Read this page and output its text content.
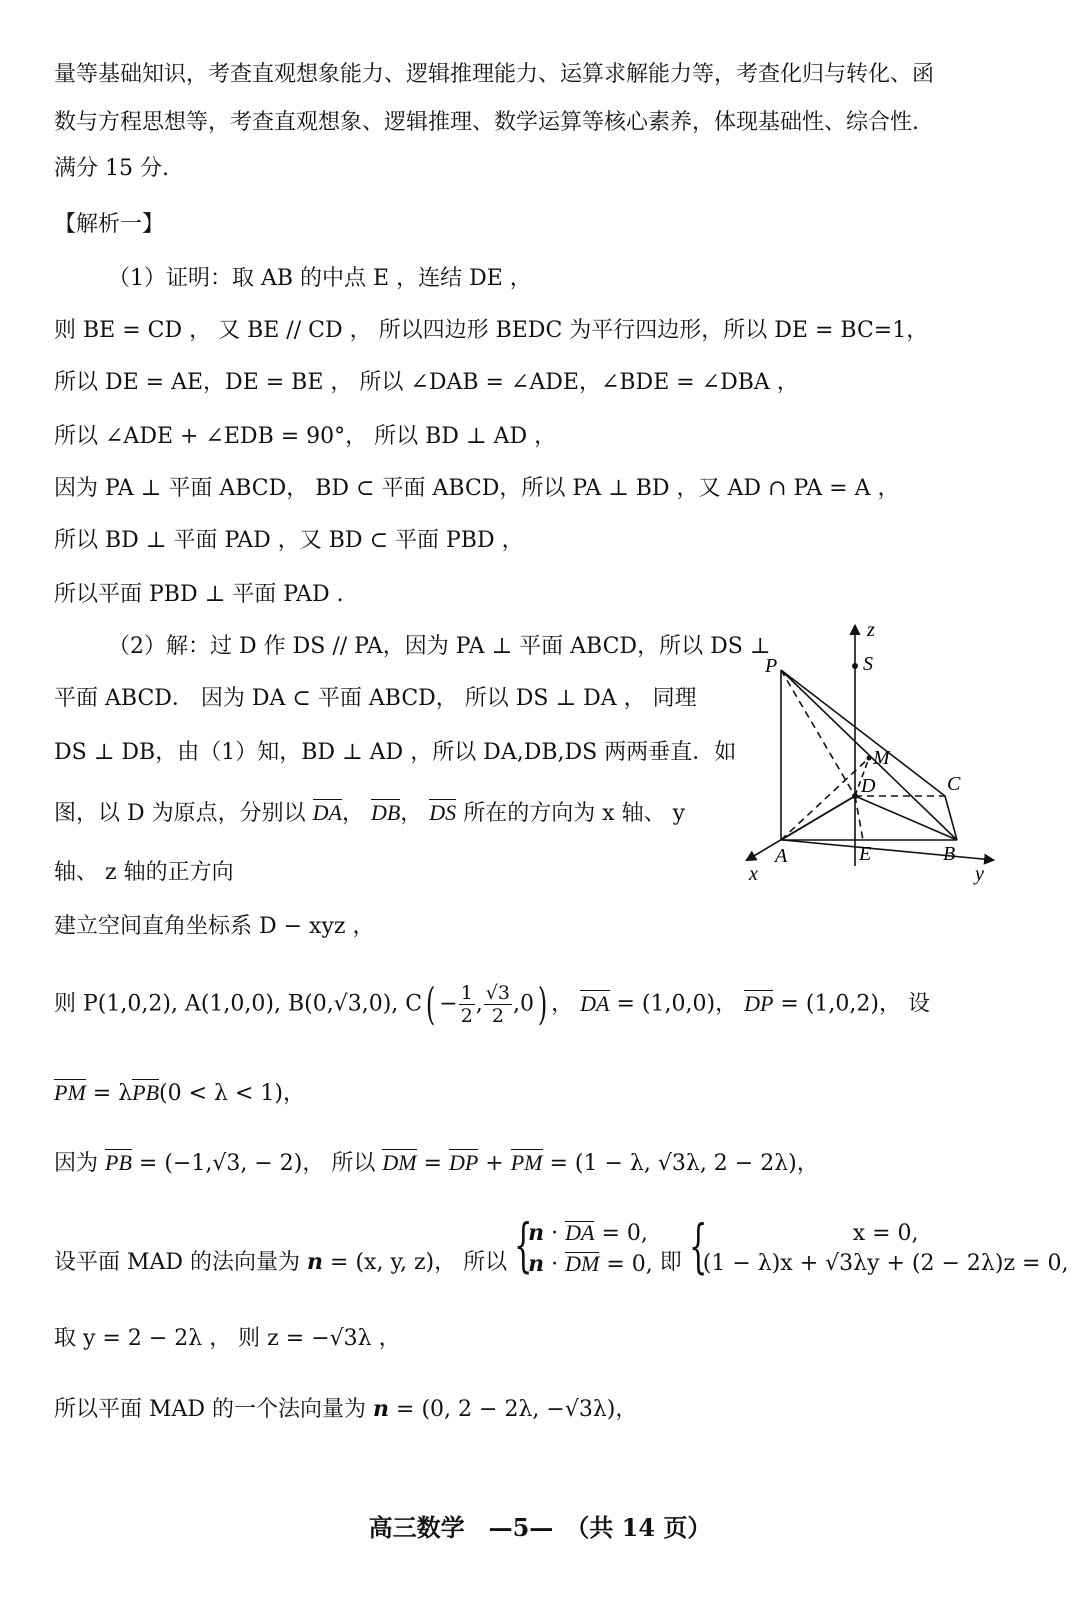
量等基础知识，考查直观想象能力、逻辑推理能力、运算求解能力等，考查化归与转化、函
数与方程思想等，考查直观想象、逻辑推理、数学运算等核心素养，体现基础性、综合性.
满分 15 分.
【解析一】
（1）证明：取 AB 的中点 E ，连结 DE ，
则 BE = CD ， 又 BE // CD ， 所以四边形 BEDC 为平行四边形，所以 DE = BC=1，
所以 DE = AE，DE = BE ， 所以 ∠DAB = ∠ADE，∠BDE = ∠DBA ，
所以 ∠ADE + ∠EDB = 90°， 所以 BD ⊥ AD ，
因为 PA ⊥ 平面 ABCD， BD ⊂ 平面 ABCD，所以 PA ⊥ BD ，又 AD ∩ PA = A ，
所以 BD ⊥ 平面 PAD ，又 BD ⊂ 平面 PBD ，
所以平面 PBD ⊥ 平面 PAD .
（2）解：过 D 作 DS // PA，因为 PA ⊥ 平面 ABCD，所以 DS ⊥
平面 ABCD． 因为 DA ⊂ 平面 ABCD， 所以 DS ⊥ DA ， 同理
DS ⊥ DB，由（1）知，BD ⊥ AD ，所以 DA,DB,DS 两两垂直．如
图，以 D 为原点，分别以 DA， DB， DS 所在的方向为 x 轴、 y
轴、 z 轴的正方向
建立空间直角坐标系 D − xyz ，
则 P(1,0,2), A(1,0,0), B(0,√3,0), $C( - \frac{1}{2}$ , $\frac{√3}{2} ,0$) ， DA = (1,0,0)， DP = (1,0,2)， 设
PM = λPB(0 < λ < 1)，
因为 PB = (−1,√3, − 2)， 所以 DM = DP + PM = (1 − λ, √3λ, 2 − 2λ)，
设平面 MAD 的法向量为 n = (x, y, z)， 所以 {
n · DA = 0,
n · DM = 0, 即 {	x = 0,
(1 − λ)x + √3λy + (2 − 2λ)z = 0,
取 y = 2 − 2λ ， 则 z = −√3λ ，
所以平面 MAD 的一个法向量为 n = (0, 2 − 2λ, −√3λ)，
z
S
P
M
D	C
A	E	B
x	y
高三数学　—5—　（共 14 页）
